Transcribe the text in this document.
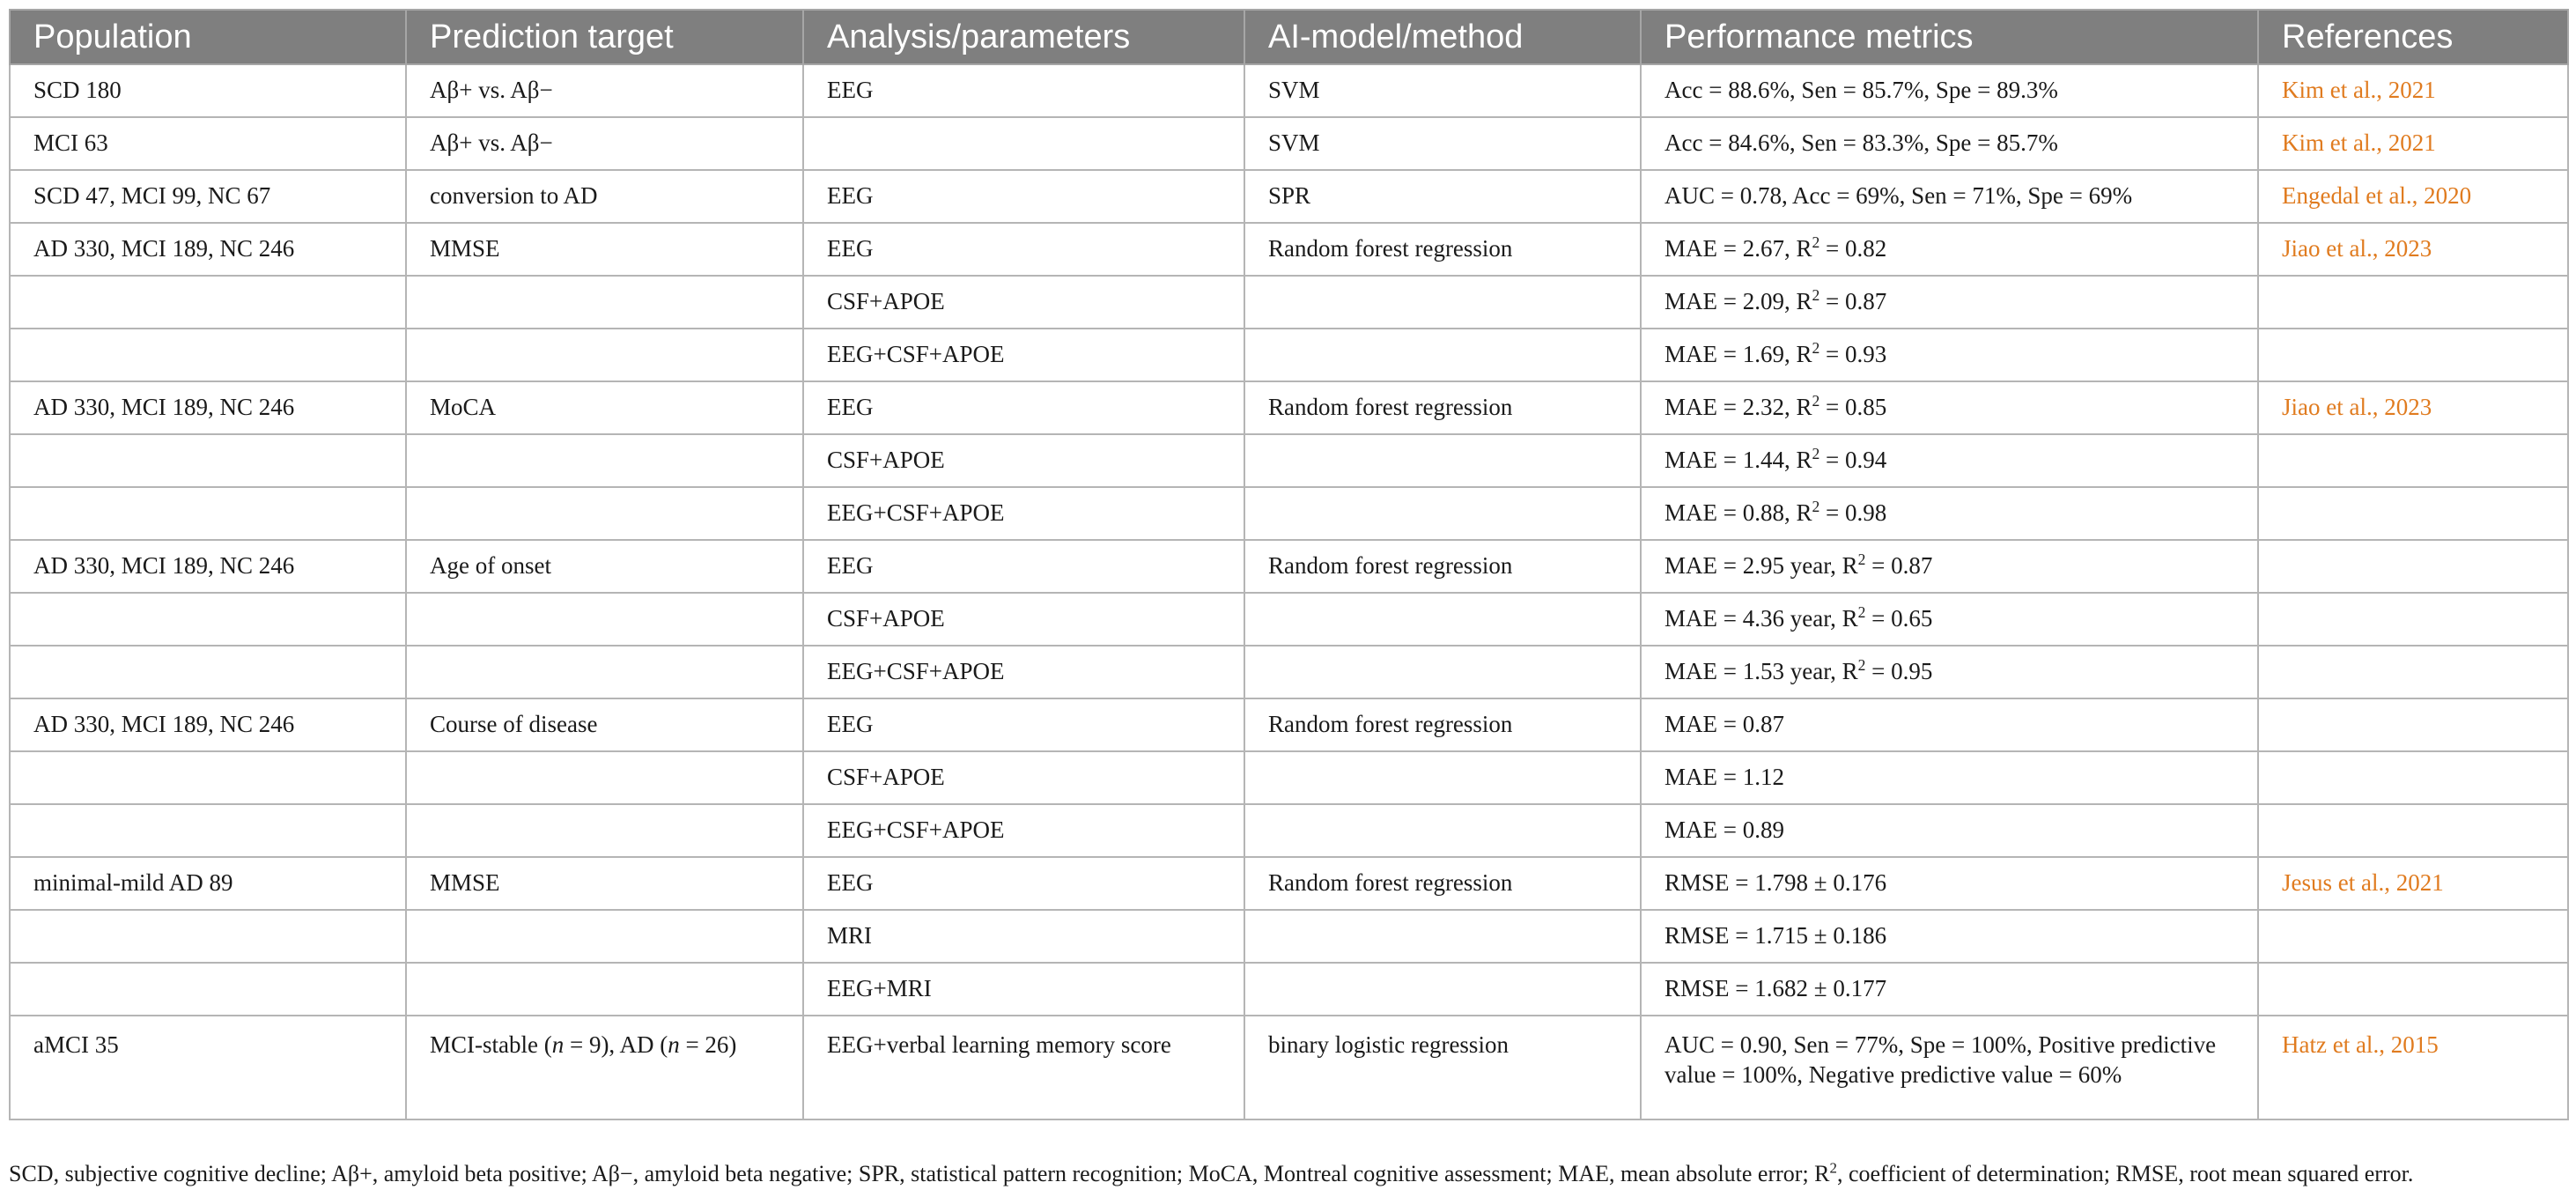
Population	Prediction target	Analysis/parameters	AI-model/method	Performance metrics	References
SCD 180	Aβ+ vs. Aβ−	EEG	SVM	Acc = 88.6%, Sen = 85.7%, Spe = 89.3%	Kim et al., 2021
MCI 63	Aβ+ vs. Aβ−		SVM	Acc = 84.6%, Sen = 83.3%, Spe = 85.7%	Kim et al., 2021
SCD 47, MCI 99, NC 67	conversion to AD	EEG	SPR	AUC = 0.78, Acc = 69%, Sen = 71%, Spe = 69%	Engedal et al., 2020
AD 330, MCI 189, NC 246	MMSE	EEG	Random forest regression	MAE = 2.67, $R^2 = 0.82$	Jiao et al., 2023
		CSF+APOE		MAE = 2.09, $R^2 = 0.87$	
		EEG+CSF+APOE		MAE = 1.69, $R^2 = 0.93$	
AD 330, MCI 189, NC 246	MoCA	EEG	Random forest regression	MAE = 2.32, $R^2 = 0.85$	Jiao et al., 2023
		CSF+APOE		MAE = 1.44, $R^2 = 0.94$	
		EEG+CSF+APOE		MAE = 0.88, $R^2 = 0.98$	
AD 330, MCI 189, NC 246	Age of onset	EEG	Random forest regression	MAE = 2.95 year, $R^2 = 0.87$	
		CSF+APOE		MAE = 4.36 year, $R^2 = 0.65$	
		EEG+CSF+APOE		MAE = 1.53 year, $R^2 = 0.95$	
AD 330, MCI 189, NC 246	Course of disease	EEG	Random forest regression	MAE = 0.87	
		CSF+APOE		MAE = 1.12	
		EEG+CSF+APOE		MAE = 0.89	
minimal-mild AD 89	MMSE	EEG	Random forest regression	RMSE = 1.798 ± 0.176	Jesus et al., 2021
		MRI		RMSE = 1.715 ± 0.186	
		EEG+MRI		RMSE = 1.682 ± 0.177	
aMCI 35	MCI-stable (n = 9), AD (n = 26)	EEG+verbal learning memory score	binary logistic regression	AUC = 0.90, Sen = 77%, Spe = 100%, Positive predictive value = 100%, Negative predictive value = 60%	Hatz et al., 2015
SCD, subjective cognitive decline; Aβ+, amyloid beta positive; Aβ−, amyloid beta negative; SPR, statistical pattern recognition; MoCA, Montreal cognitive assessment; MAE, mean absolute error; $R^2$, coefficient of determination; RMSE, root mean squared error.
